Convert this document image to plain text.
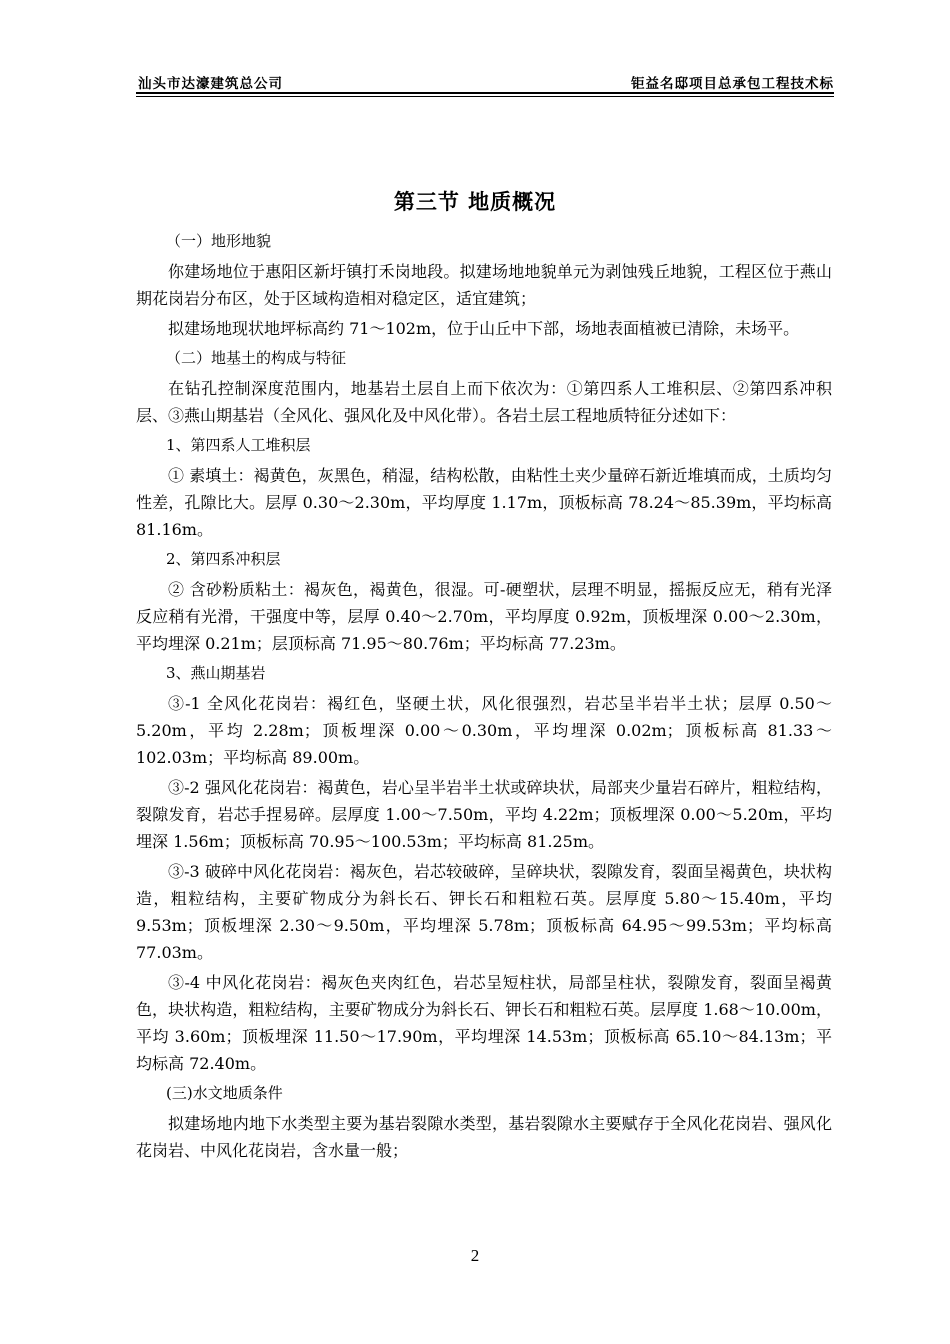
汕头市达濠建筑总公司	钜益名邸项目总承包工程技术标
第三节 地质概况

（一）地形地貌

你建场地位于惠阳区新圩镇打禾岗地段。拟建场地地貌单元为剥蚀残丘地貌，工程区位于燕山期花岗岩分布区，处于区域构造相对稳定区，适宜建筑；

拟建场地现状地坪标高约 71～102m，位于山丘中下部，场地表面植被已清除，未场平。

（二）地基土的构成与特征

在钻孔控制深度范围内，地基岩土层自上而下依次为：①第四系人工堆积层、②第四系冲积层、③燕山期基岩（全风化、强风化及中风化带）。各岩土层工程地质特征分述如下：

1、第四系人工堆积层

① 素填土：褐黄色，灰黑色，稍湿，结构松散，由粘性土夹少量碎石新近堆填而成，土质均匀性差，孔隙比大。层厚 0.30～2.30m，平均厚度 1.17m，顶板标高 78.24～85.39m，平均标高 81.16m。

2、第四系冲积层

② 含砂粉质粘土：褐灰色，褐黄色，很湿。可-硬塑状，层理不明显，摇振反应无，稍有光泽反应稍有光滑，干强度中等，层厚 0.40～2.70m，平均厚度 0.92m，顶板埋深 0.00～2.30m，平均埋深 0.21m；层顶标高 71.95～80.76m；平均标高 77.23m。

3、燕山期基岩

③-1 全风化花岗岩：褐红色，坚硬土状，风化很强烈，岩芯呈半岩半土状；层厚 0.50～5.20m，平均 2.28m；顶板埋深 0.00～0.30m，平均埋深 0.02m；顶板标高 81.33～102.03m；平均标高 89.00m。

③-2 强风化花岗岩：褐黄色，岩心呈半岩半土状或碎块状，局部夹少量岩石碎片，粗粒结构，裂隙发育，岩芯手捏易碎。层厚度 1.00～7.50m，平均 4.22m；顶板埋深 0.00～5.20m，平均埋深 1.56m；顶板标高 70.95～100.53m；平均标高 81.25m。

③-3 破碎中风化花岗岩：褐灰色，岩芯较破碎，呈碎块状，裂隙发育，裂面呈褐黄色，块状构造，粗粒结构，主要矿物成分为斜长石、钾长石和粗粒石英。层厚度 5.80～15.40m，平均 9.53m；顶板埋深 2.30～9.50m，平均埋深 5.78m；顶板标高 64.95～99.53m；平均标高 77.03m。

③-4 中风化花岗岩：褐灰色夹肉红色，岩芯呈短柱状，局部呈柱状，裂隙发育，裂面呈褐黄色，块状构造，粗粒结构，主要矿物成分为斜长石、钾长石和粗粒石英。层厚度 1.68～10.00m，平均 3.60m；顶板埋深 11.50～17.90m，平均埋深 14.53m；顶板标高 65.10～84.13m；平均标高 72.40m。

(三)水文地质条件

拟建场地内地下水类型主要为基岩裂隙水类型，基岩裂隙水主要赋存于全风化花岗岩、强风化花岗岩、中风化花岗岩，含水量一般；

2
